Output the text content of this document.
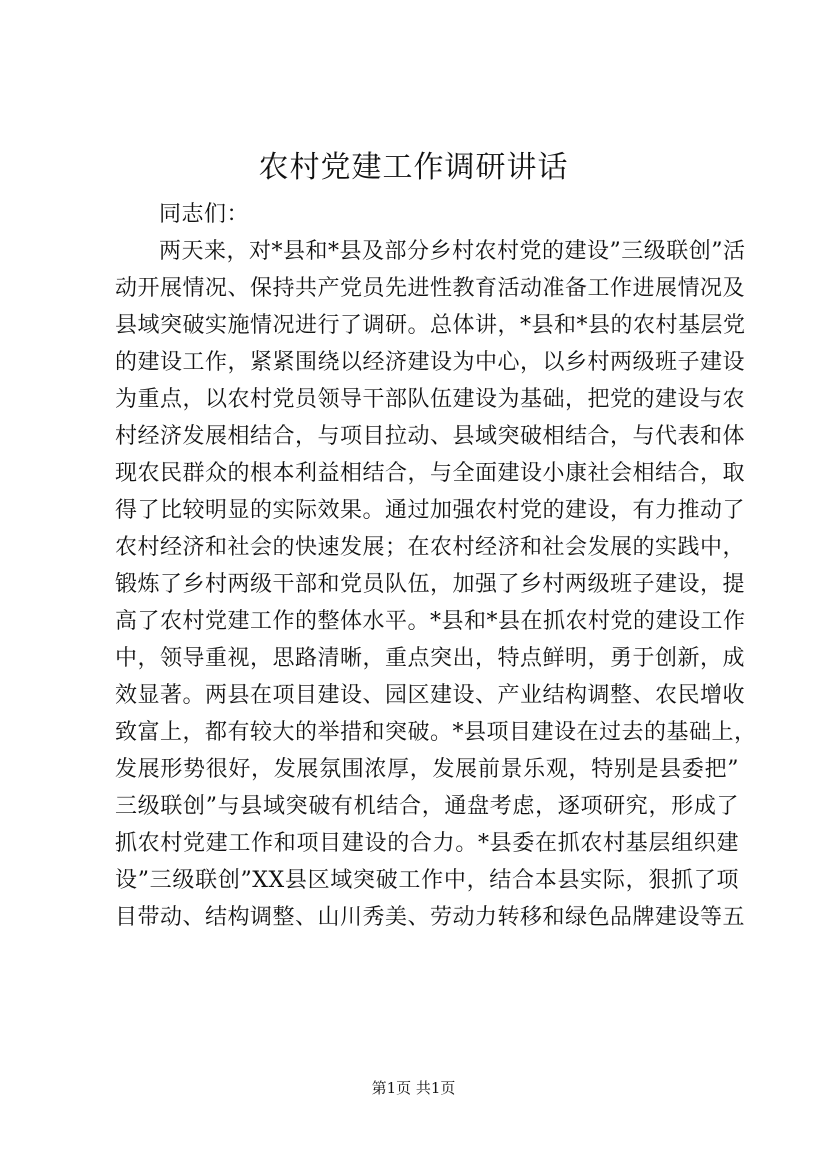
农村党建工作调研讲话
同志们：
两天来，对*县和*县及部分乡村农村党的建设”三级联创”活
动开展情况、保持共产党员先进性教育活动准备工作进展情况及
县域突破实施情况进行了调研。总体讲，*县和*县的农村基层党
的建设工作，紧紧围绕以经济建设为中心，以乡村两级班子建设
为重点，以农村党员领导干部队伍建设为基础，把党的建设与农
村经济发展相结合，与项目拉动、县域突破相结合，与代表和体
现农民群众的根本利益相结合，与全面建设小康社会相结合，取
得了比较明显的实际效果。通过加强农村党的建设，有力推动了
农村经济和社会的快速发展；在农村经济和社会发展的实践中，
锻炼了乡村两级干部和党员队伍，加强了乡村两级班子建设，提
高了农村党建工作的整体水平。*县和*县在抓农村党的建设工作
中，领导重视，思路清晰，重点突出，特点鲜明，勇于创新，成
效显著。两县在项目建设、园区建设、产业结构调整、农民增收
致富上，都有较大的举措和突破。*县项目建设在过去的基础上，
发展形势很好，发展氛围浓厚，发展前景乐观，特别是县委把”
三级联创”与县域突破有机结合，通盘考虑，逐项研究，形成了
抓农村党建工作和项目建设的合力。*县委在抓农村基层组织建
设”三级联创”XX县区域突破工作中，结合本县实际，狠抓了项
目带动、结构调整、山川秀美、劳动力转移和绿色品牌建设等五
第1页 共1页
